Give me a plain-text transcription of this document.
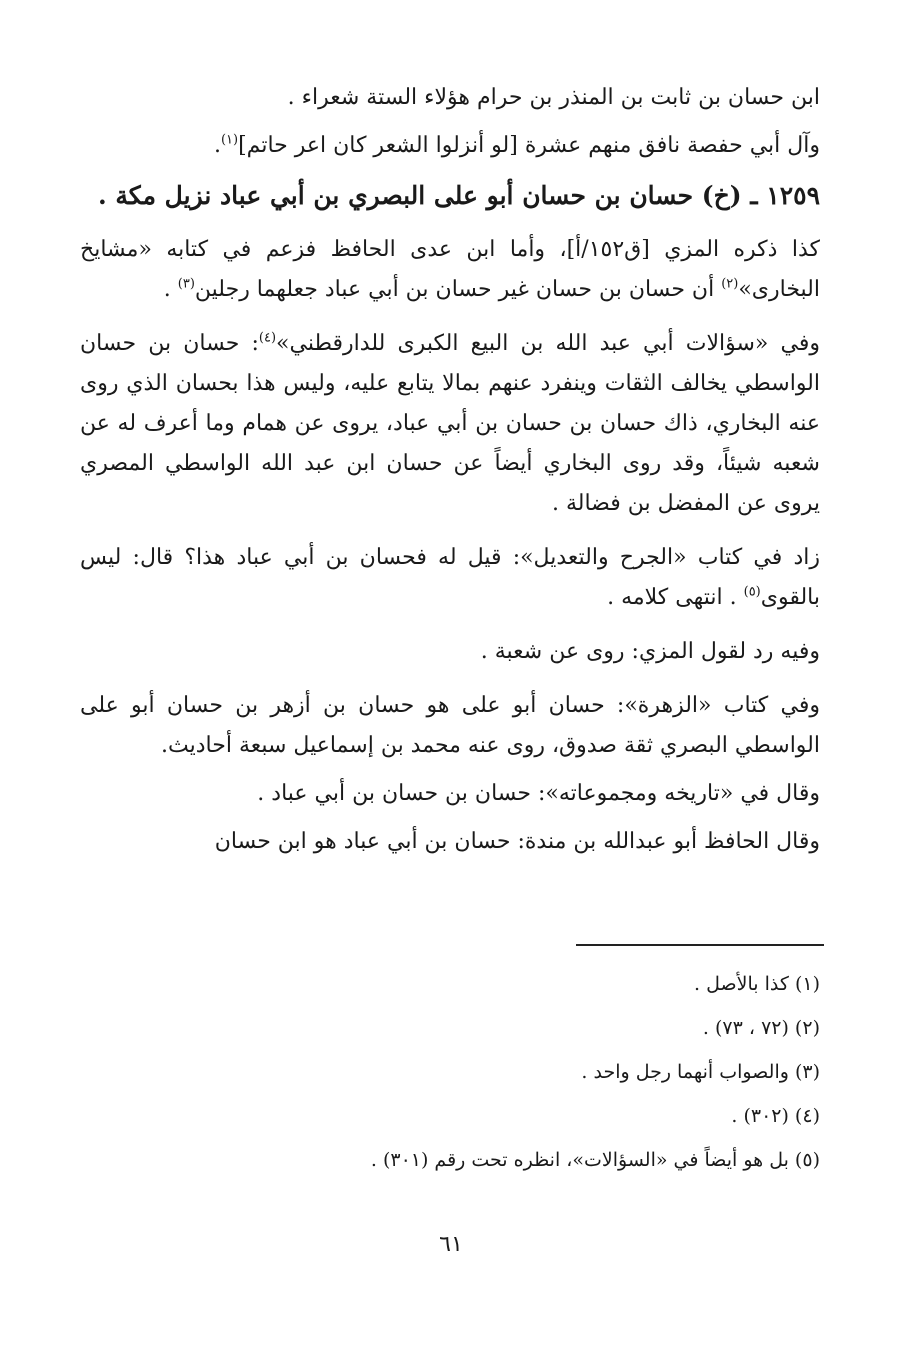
ابن حسان بن ثابت بن المنذر بن حرام هؤلاء الستة شعراء .

وآل أبي حفصة نافق منهم عشرة [لو أنزلوا الشعر كان اعر حاتم]$^{(١)}$.

١٢٥٩ ـ (خ) حسان بن حسان أبو على البصري بن أبي عباد نزيل مكة .

كذا ذكره المزي [ق١٥٢/أ]، وأما ابن عدى الحافظ فزعم في كتابه «مشايخ البخارى»$^{(٢)}$ أن حسان بن حسان غير حسان بن أبي عباد جعلهما رجلين$^{(٣)}$ .

وفي «سؤالات أبي عبد الله بن البيع الكبرى للدارقطني»$^{(٤)}$: حسان بن حسان الواسطي يخالف الثقات وينفرد عنهم بمالا يتابع عليه، وليس هذا بحسان الذي روى عنه البخاري، ذاك حسان بن حسان بن أبي عباد، يروى عن همام وما أعرف له عن شعبه شيئاً، وقد روى البخاري أيضاً عن حسان ابن عبد الله الواسطي المصري يروى عن المفضل بن فضالة .

زاد في كتاب «الجرح والتعديل»: قيل له فحسان بن أبي عباد هذا؟ قال: ليس بالقوى$^{(٥)}$ . انتهى كلامه .

وفيه رد لقول المزي: روى عن شعبة .

وفي كتاب «الزهرة»: حسان أبو على هو حسان بن أزهر بن حسان أبو على الواسطي البصري ثقة صدوق، روى عنه محمد بن إسماعيل سبعة أحاديث.

وقال في «تاريخه ومجموعاته»: حسان بن حسان بن أبي عباد .

وقال الحافظ أبو عبدالله بن مندة: حسان بن أبي عباد هو ابن حسان

(١) كذا بالأصل .
(٢) (٧٢ ، ٧٣) .
(٣) والصواب أنهما رجل واحد .
(٤) (٣٠٢) .
(٥) بل هو أيضاً في «السؤالات»، انظره تحت رقم (٣٠١) .
٦١
